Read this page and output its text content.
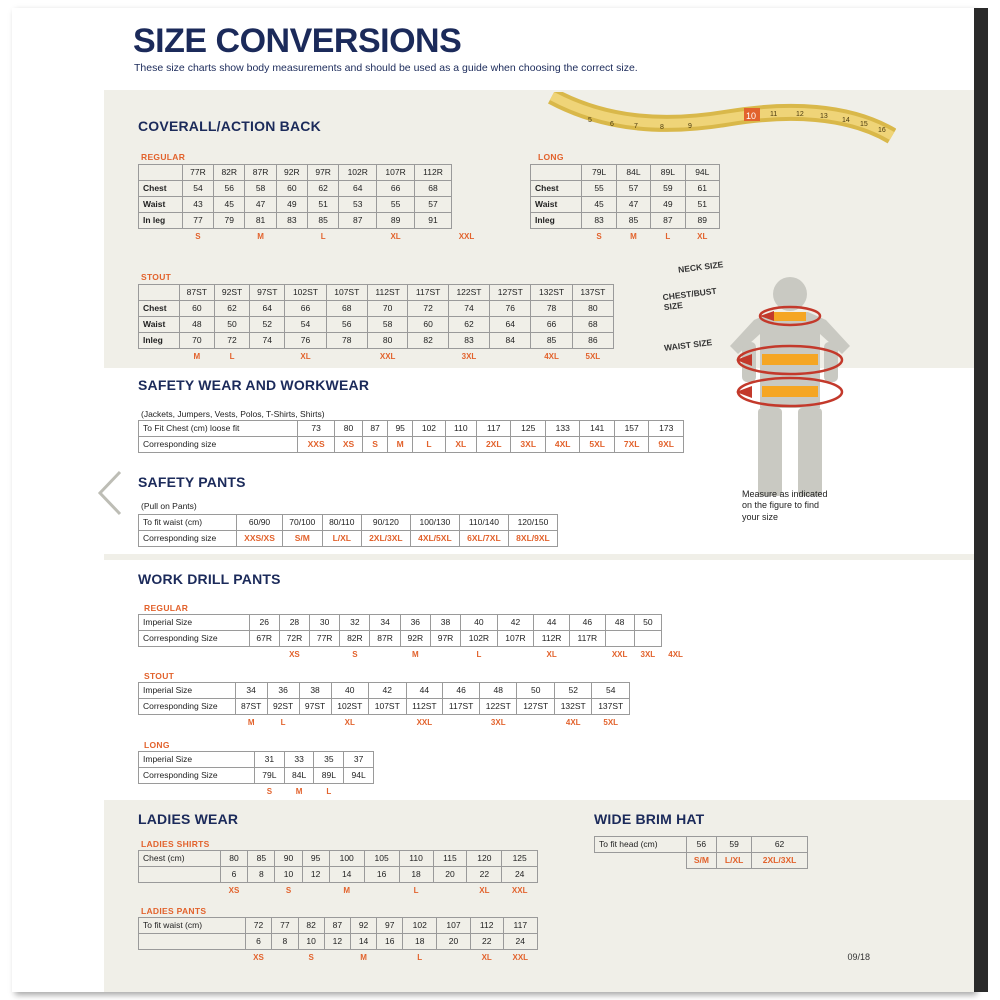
SIZE CONVERSIONS
These size charts show body measurements and should be used as a guide when choosing the correct size.
10
5
6	7	8	9
11	12 13
14
15
16
COVERALL/ACTION BACK
REGULAR
	77R	82R	87R	92R	97R	102R	107R	112R	
Chest	54	56	58	60	62	64	66	68	
Waist	43	45	47	49	51	53	55	57	
In leg	77	79	81	83	85	87	89	91	
	S		M		L		XL		XXL
LONG
	79L	84L	89L	94L
Chest	55	57	59	61
Waist	45	47	49	51
Inleg	83	85	87	89
	S	M	L	XL
STOUT
	87ST	92ST	97ST	102ST	107ST	112ST	117ST	122ST	127ST	132ST	137ST
Chest	60	62	64	66	68	70	72	74	76	78	80
Waist	48	50	52	54	56	58	60	62	64	66	68
Inleg	70	72	74	76	78	80	82	83	84	85	86
	M	L		XL		XXL		3XL		4XL	5XL
SAFETY WEAR AND WORKWEAR
(Jackets, Jumpers, Vests, Polos, T-Shirts, Shirts)
To Fit Chest (cm) loose fit	73	80	87	95	102	110	117	125	133	141	157	173
Corresponding size	XXS	XS	S	M	L	XL	2XL	3XL	4XL	5XL	7XL	9XL
SAFETY PANTS
(Pull on Pants)
To fit waist (cm)	60/90	70/100	80/110	90/120	100/130	110/140	120/150
Corresponding size	XXS/XS	S/M	L/XL	2XL/3XL	4XL/5XL	6XL/7XL	8XL/9XL
WORK DRILL PANTS
REGULAR
Imperial Size	26	28	30	32	34	36	38	40	42	44	46	48	50	
Corresponding Size	67R	72R	77R	82R	87R	92R	97R	102R	107R	112R	117R			
		XS		S		M		L		XL		XXL	3XL	4XL
STOUT
Imperial Size	34	36	38	40	42	44	46	48	50	52	54
Corresponding Size	87ST	92ST	97ST	102ST	107ST	112ST	117ST	122ST	127ST	132ST	137ST
	M	L		XL		XXL		3XL		4XL	5XL
LONG
Imperial Size	31	33	35	37
Corresponding Size	79L	84L	89L	94L
	S	M	L	
LADIES WEAR
LADIES SHIRTS
Chest (cm)	80	85	90	95	100	105	110	115	120	125
	6	8	10	12	14	16	18	20	22	24
	XS		S		M		L		XL	XXL
LADIES PANTS
To fit waist (cm)	72	77	82	87	92	97	102	107	112	117
	6	8	10	12	14	16	18	20	22	24
	XS		S		M		L		XL	XXL
WIDE BRIM HAT
To fit head (cm)	56	59	62
	S/M	L/XL	2XL/3XL
NECK SIZE
CHEST/BUST SIZE
WAIST SIZE
Measure as indicated on the figure to find your size
09/18
